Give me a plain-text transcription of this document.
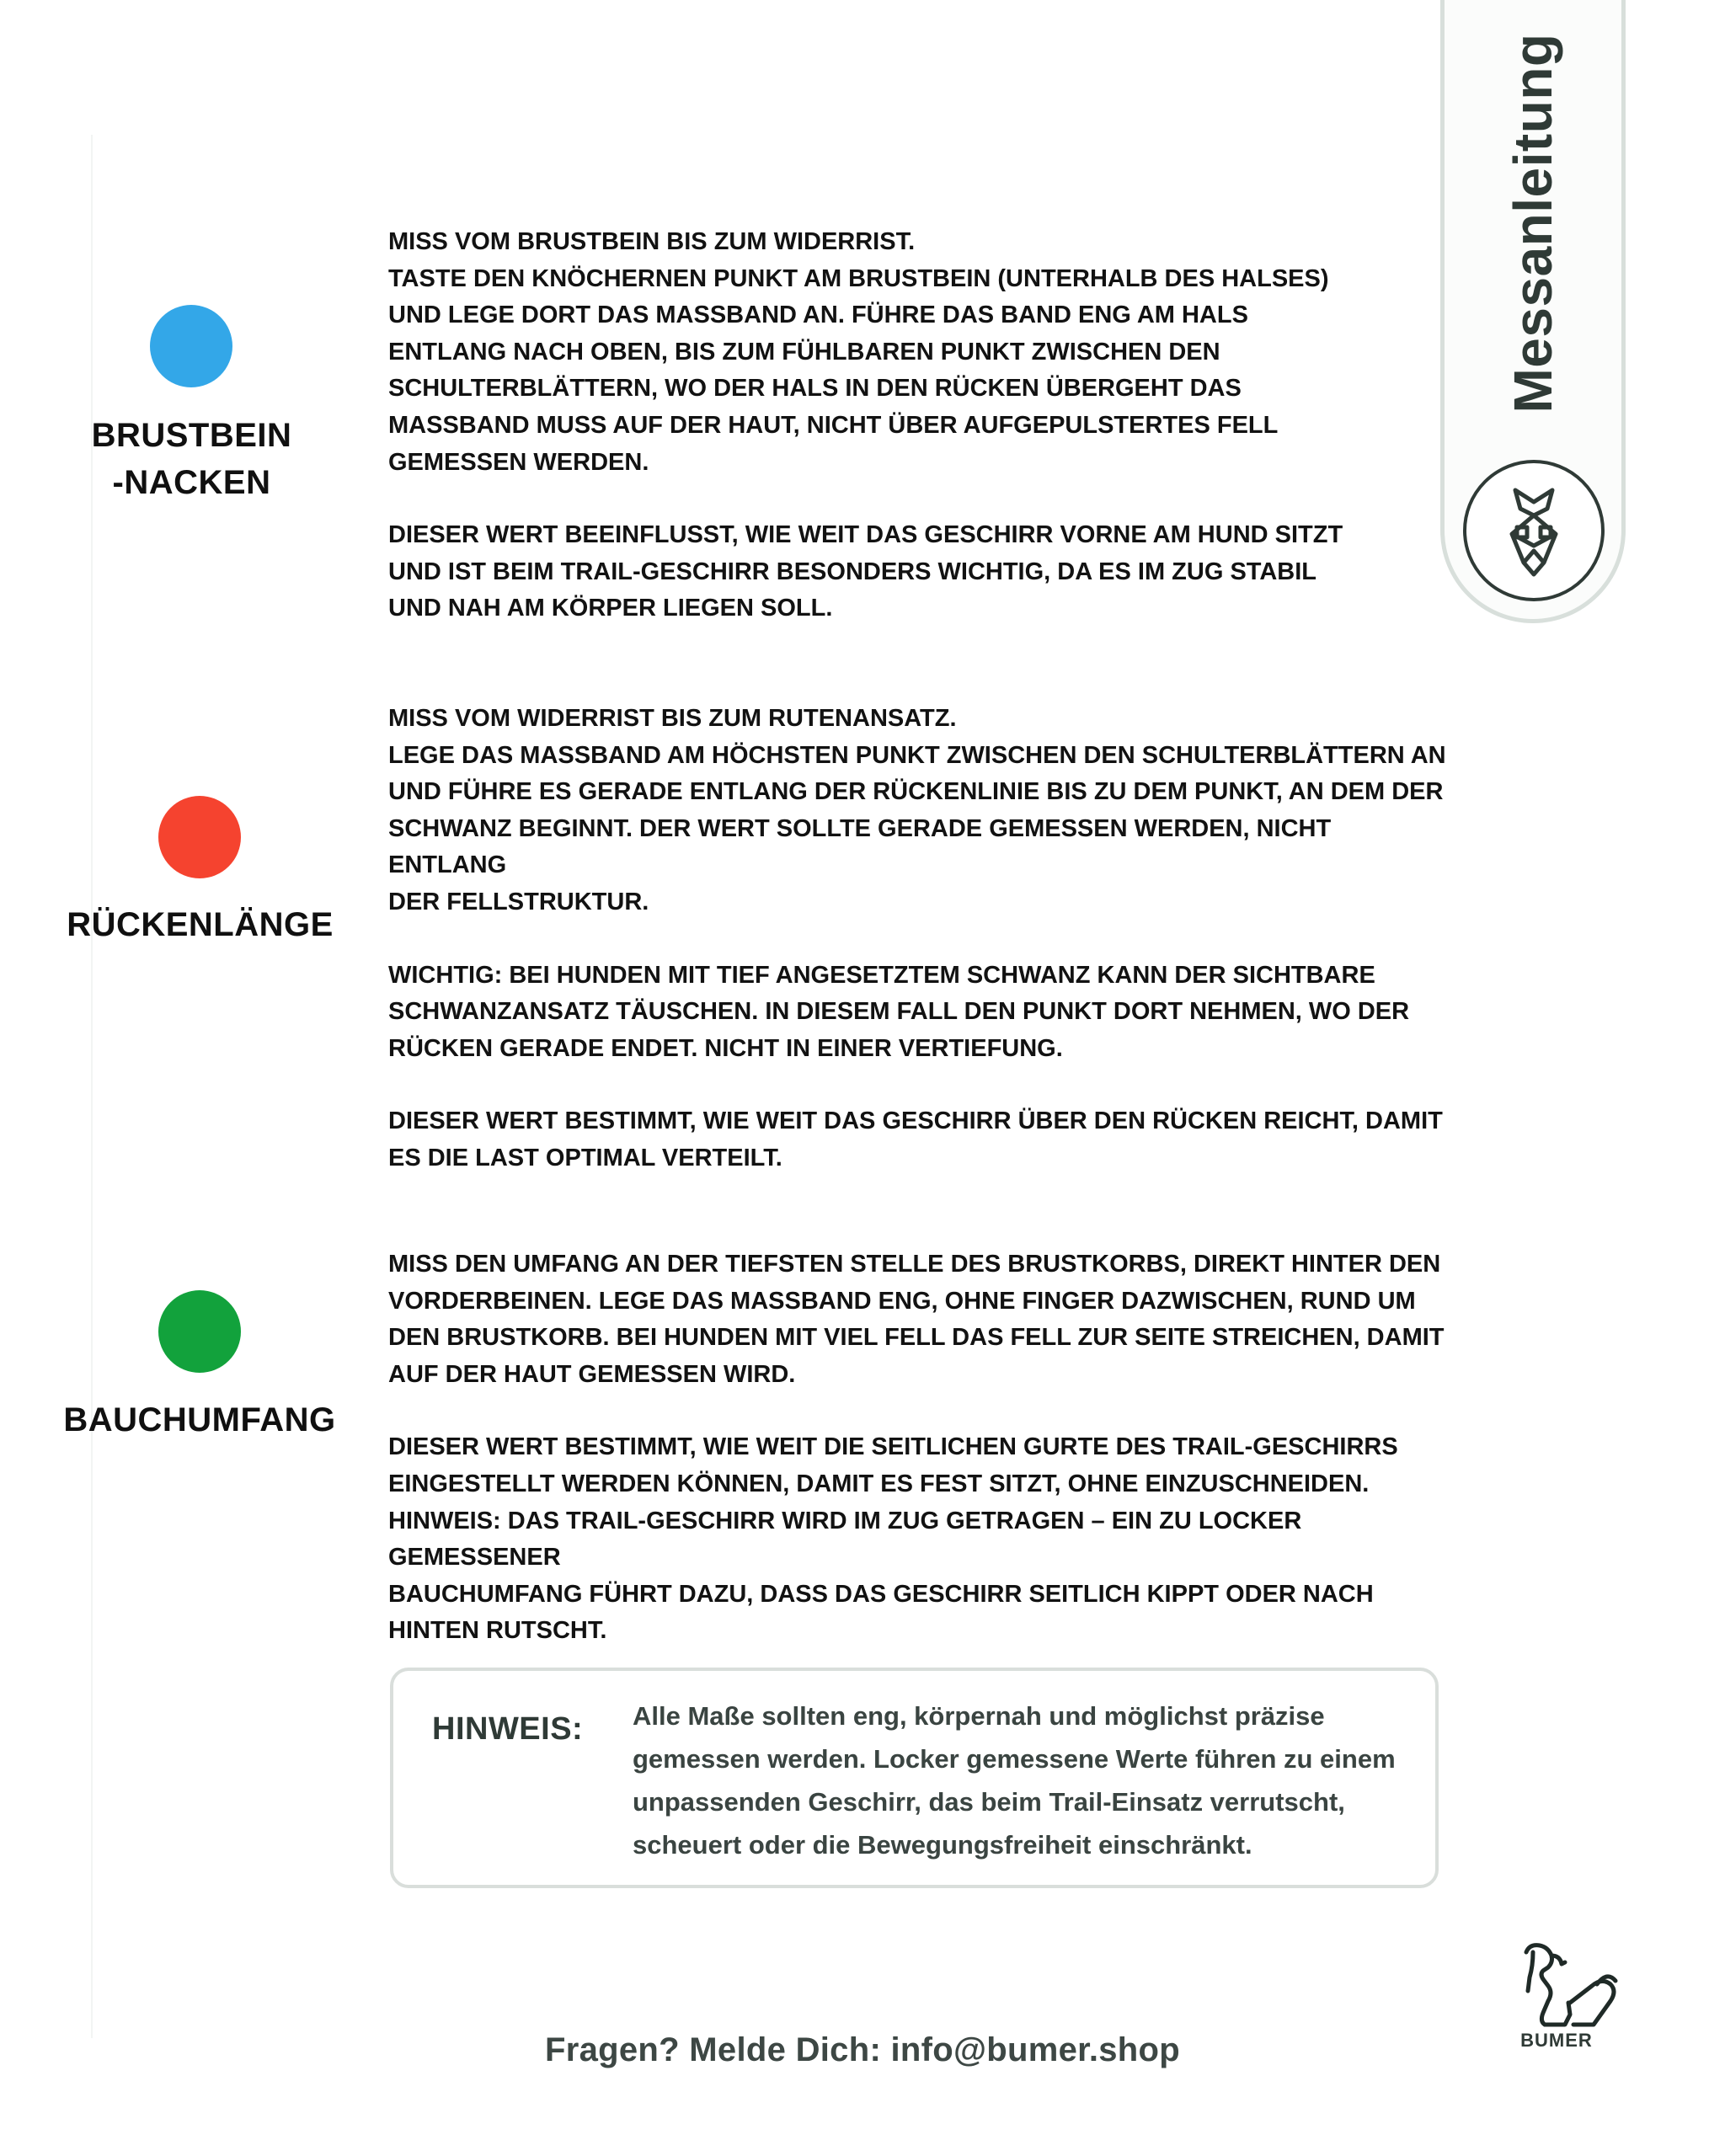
BRUSTBEIN
-NACKEN

MISS VOM BRUSTBEIN BIS ZUM WIDERRIST.
TASTE DEN KNÖCHERNEN PUNKT AM BRUSTBEIN (UNTERHALB DES HALSES)
UND LEGE DORT DAS MASSBAND AN. FÜHRE DAS BAND ENG AM HALS
ENTLANG NACH OBEN, BIS ZUM FÜHLBAREN PUNKT ZWISCHEN DEN
SCHULTERBLÄTTERN, WO DER HALS IN DEN RÜCKEN ÜBERGEHT DAS
MASSBAND MUSS AUF DER HAUT, NICHT ÜBER AUFGEPULSTERTES FELL
GEMESSEN WERDEN.

DIESER WERT BEEINFLUSST, WIE WEIT DAS GESCHIRR VORNE AM HUND SITZT
UND IST BEIM TRAIL-GESCHIRR BESONDERS WICHTIG, DA ES IM ZUG STABIL
UND NAH AM KÖRPER LIEGEN SOLL.

RÜCKENLÄNGE

MISS VOM WIDERRIST BIS ZUM RUTENANSATZ.
LEGE DAS MASSBAND AM HÖCHSTEN PUNKT ZWISCHEN DEN SCHULTERBLÄTTERN AN
UND FÜHRE ES GERADE ENTLANG DER RÜCKENLINIE BIS ZU DEM PUNKT, AN DEM DER
SCHWANZ BEGINNT. DER WERT SOLLTE GERADE GEMESSEN WERDEN, NICHT ENTLANG
DER FELLSTRUKTUR.

WICHTIG: BEI HUNDEN MIT TIEF ANGESETZTEM SCHWANZ KANN DER SICHTBARE
SCHWANZANSATZ TÄUSCHEN. IN DIESEM FALL DEN PUNKT DORT NEHMEN, WO DER
RÜCKEN GERADE ENDET. NICHT IN EINER VERTIEFUNG.

DIESER WERT BESTIMMT, WIE WEIT DAS GESCHIRR ÜBER DEN RÜCKEN REICHT, DAMIT
ES DIE LAST OPTIMAL VERTEILT.

BAUCHUMFANG

MISS DEN UMFANG AN DER TIEFSTEN STELLE DES BRUSTKORBS, DIREKT HINTER DEN
VORDERBEINEN. LEGE DAS MASSBAND ENG, OHNE FINGER DAZWISCHEN, RUND UM
DEN BRUSTKORB. BEI HUNDEN MIT VIEL FELL DAS FELL ZUR SEITE STREICHEN, DAMIT
AUF DER HAUT GEMESSEN WIRD.

DIESER WERT BESTIMMT, WIE WEIT DIE SEITLICHEN GURTE DES TRAIL-GESCHIRRS
EINGESTELLT WERDEN KÖNNEN, DAMIT ES FEST SITZT, OHNE EINZUSCHNEIDEN.
HINWEIS: DAS TRAIL-GESCHIRR WIRD IM ZUG GETRAGEN – EIN ZU LOCKER GEMESSENER
BAUCHUMFANG FÜHRT DAZU, DASS DAS GESCHIRR SEITLICH KIPPT ODER NACH
HINTEN RUTSCHT.

Messanleitung
HINWEIS: Alle Maße sollten eng, körpernah und möglichst präzise
gemessen werden. Locker gemessene Werte führen zu einem
unpassenden Geschirr, das beim Trail-Einsatz verrutscht,
scheuert oder die Bewegungsfreiheit einschränkt.
Fragen? Melde Dich: info@bumer.shop	BUMER
